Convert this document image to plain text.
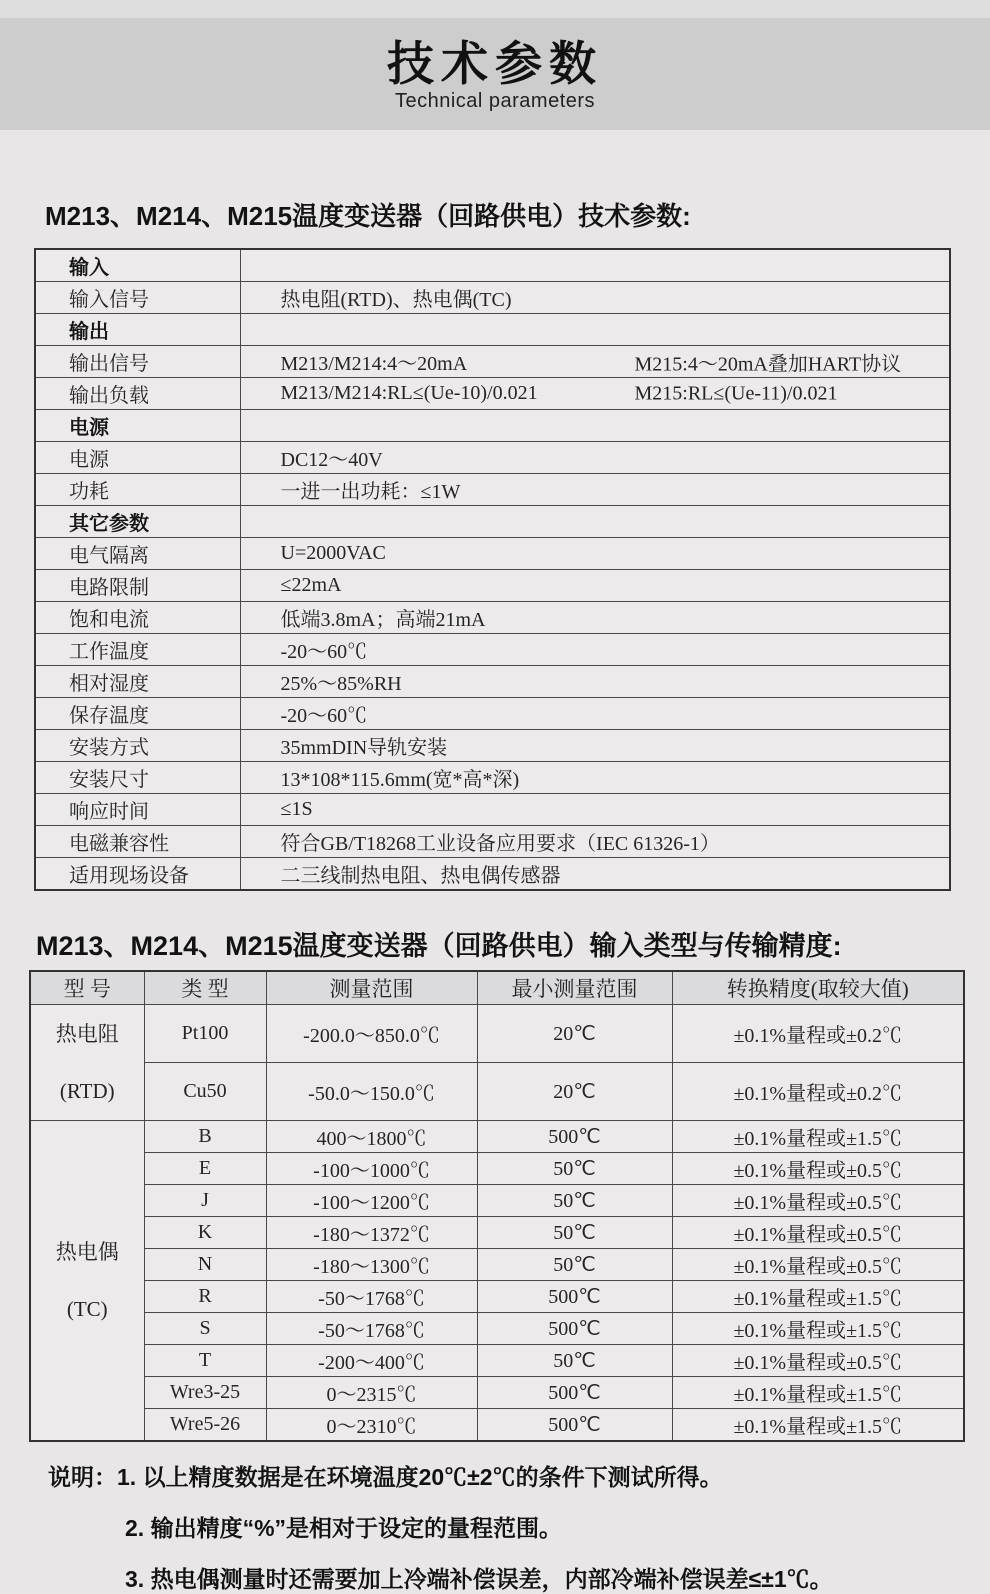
技术参数
Technical parameters
M213、M214、M215温度变送器（回路供电）技术参数:
输入	
输入信号	热电阻(RTD)、热电偶(TC)
输出	
输出信号	M213/M214:4～20mA M215:4～20mA叠加HART协议

输出负载	M213/M214:RL≤(Ue-10)/0.021 M215:RL≤(Ue-11)/0.021

电源	
电源	DC12～40V
功耗	一进一出功耗：≤1W
其它参数	
电气隔离	U=2000VAC
电路限制	≤22mA
饱和电流	低端3.8mA；高端21mA
工作温度	-20～60℃
相对湿度	25%～85%RH
保存温度	-20～60℃
安装方式	35mmDIN导轨安装
安装尺寸	13*108*115.6mm(宽*高*深)
响应时间	≤1S
电磁兼容性	符合GB/T18268工业设备应用要求（IEC 61326-1）
适用现场设备	二三线制热电阻、热电偶传感器
M213、M214、M215温度变送器（回路供电）输入类型与传输精度:
型 号	类 型	测量范围	最小测量范围	转换精度(取较大值)

热电阻
(RTD)	Pt100	-200.0～850.0℃	20℃	±0.1%量程或±0.2℃
	Cu50	-50.0～150.0℃	20℃	±0.1%量程或±0.2℃

热电偶
(TC)	B	400～1800℃	500℃	±0.1%量程或±1.5℃
	E	-100～1000℃	50℃	±0.1%量程或±0.5℃
	J	-100～1200℃	50℃	±0.1%量程或±0.5℃
	K	-180～1372℃	50℃	±0.1%量程或±0.5℃
	N	-180～1300℃	50℃	±0.1%量程或±0.5℃
	R	-50～1768℃	500℃	±0.1%量程或±1.5℃
	S	-50～1768℃	500℃	±0.1%量程或±1.5℃
	T	-200～400℃	50℃	±0.1%量程或±0.5℃
	Wre3-25	0～2315℃	500℃	±0.1%量程或±1.5℃
	Wre5-26	0～2310℃	500℃	±0.1%量程或±1.5℃
说明：1. 以上精度数据是在环境温度20℃±2℃的条件下测试所得。
2. 输出精度“%”是相对于设定的量程范围。
3. 热电偶测量时还需要加上冷端补偿误差，内部冷端补偿误差≤±1℃。
